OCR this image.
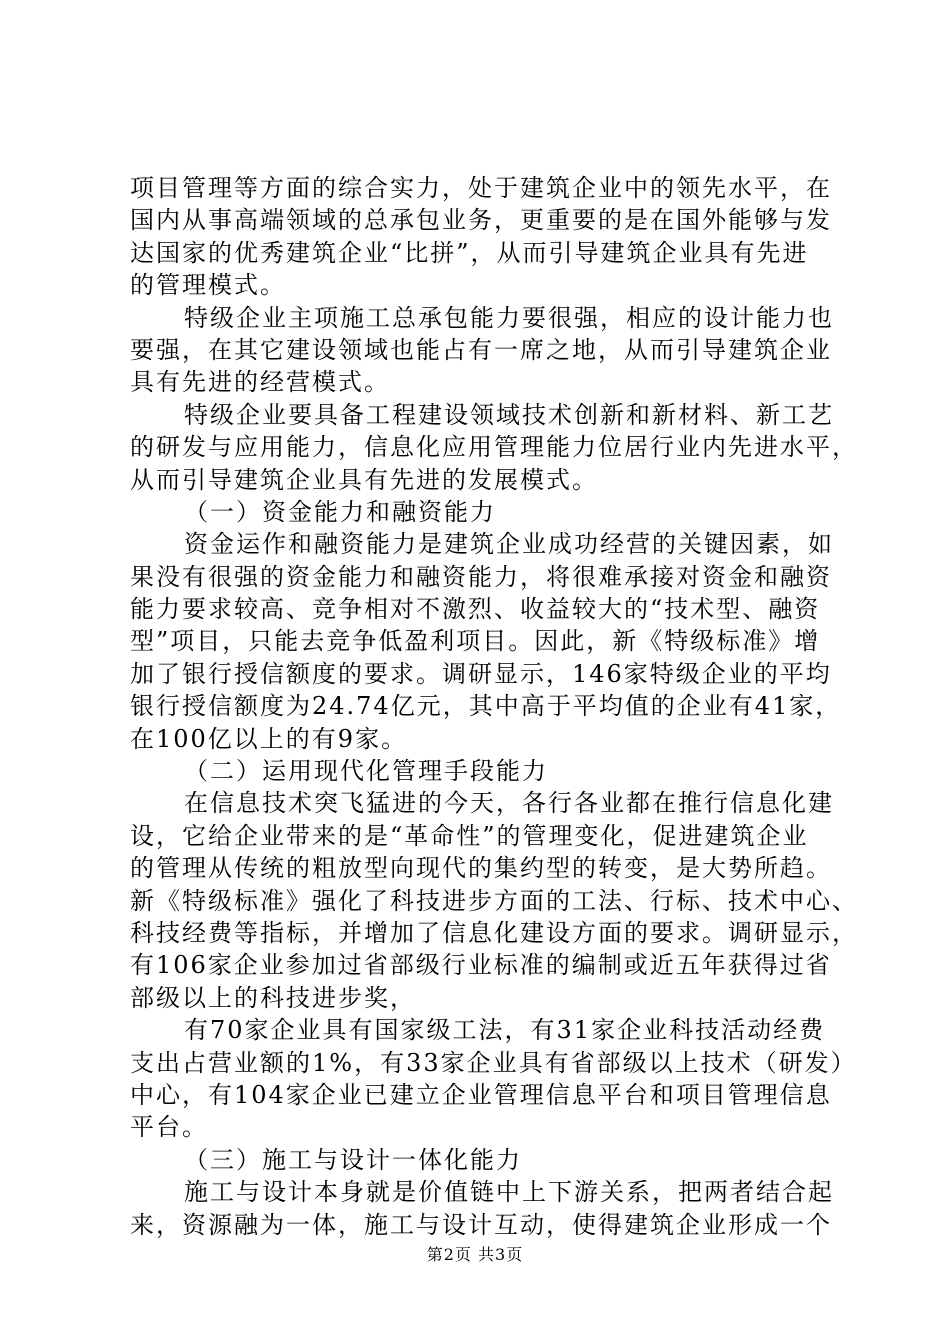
项目管理等方面的综合实力，处于建筑企业中的领先水平，在
国内从事高端领域的总承包业务，更重要的是在国外能够与发
达国家的优秀建筑企业“比拼”，从而引导建筑企业具有先进
的管理模式。
特级企业主项施工总承包能力要很强，相应的设计能力也
要强，在其它建设领域也能占有一席之地，从而引导建筑企业
具有先进的经营模式。
特级企业要具备工程建设领域技术创新和新材料、新工艺
的研发与应用能力，信息化应用管理能力位居行业内先进水平，
从而引导建筑企业具有先进的发展模式。
（一）资金能力和融资能力
资金运作和融资能力是建筑企业成功经营的关键因素，如
果没有很强的资金能力和融资能力，将很难承接对资金和融资
能力要求较高、竞争相对不激烈、收益较大的“技术型、融资
型”项目，只能去竞争低盈利项目。因此，新《特级标准》增
加了银行授信额度的要求。调研显示，146家特级企业的平均
银行授信额度为24.74亿元，其中高于平均值的企业有41家，
在100亿以上的有9家。
（二）运用现代化管理手段能力
在信息技术突飞猛进的今天，各行各业都在推行信息化建
设，它给企业带来的是“革命性”的管理变化，促进建筑企业
的管理从传统的粗放型向现代的集约型的转变，是大势所趋。
新《特级标准》强化了科技进步方面的工法、行标、技术中心、
科技经费等指标，并增加了信息化建设方面的要求。调研显示，
有106家企业参加过省部级行业标准的编制或近五年获得过省
部级以上的科技进步奖，
有70家企业具有国家级工法，有31家企业科技活动经费
支出占营业额的1%，有33家企业具有省部级以上技术（研发）
中心，有104家企业已建立企业管理信息平台和项目管理信息
平台。
（三）施工与设计一体化能力
施工与设计本身就是价值链中上下游关系，把两者结合起
来，资源融为一体，施工与设计互动，使得建筑企业形成一个
第2页 共3页
